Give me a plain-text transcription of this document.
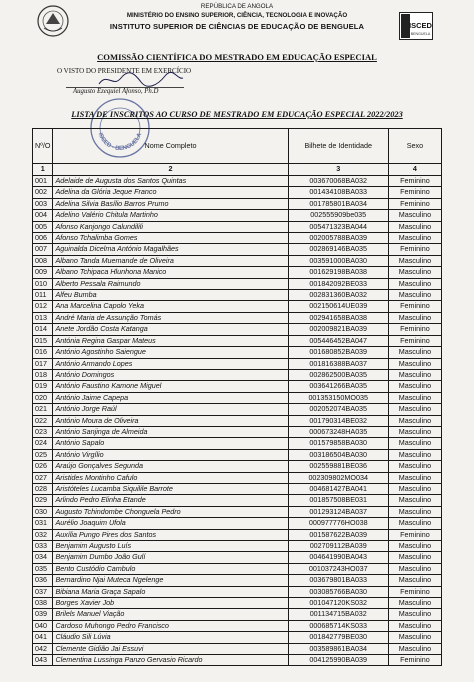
REPÚBLICA DE ANGOLA
MINISTÉRIO DO ENSINO SUPERIOR, CIÊNCIA, TECNOLOGIA E INOVAÇÃO
INSTITUTO SUPERIOR DE CIÊNCIAS DE EDUCAÇÃO DE BENGUELA	ISCED
BENGUELA
COMISSÃO CIENTÍFICA DO MESTRADO EM EDUCAÇÃO ESPECIAL
O VISTO DO PRESIDENTE EM EXERCÍCIO
Augusto Ezequiel Afonso, Ph.D
ISCED - BENGUELA
LISTA DE INSCRITOS AO CURSO DE MESTRADO EM EDUCAÇÃO ESPECIAL 2022/2023
Nº/O	Nome Completo	Bilhete de Identidade	Sexo
1	2	3	4
001	Adelaide de Augusta dos Santos Quintas	003670068BA032	Feminino
002	Adelina da Glória Jeque Franco	001434108BA033	Feminino
003	Adelina Silvia Basílio Barros Prumo	001785801BA034	Feminino
004	Adelino Valério Chitula Martinho	002555909be035	Masculino
005	Afonso Kanjongo Calundilili	005471323BA044	Masculino
006	Afonso Tchalimba Gomes	002005788BA039	Masculino
007	Aguinalda Dicelma António Magalhães	002869146BA035	Feminino
008	Albano Tanda Muemande de Oliveira	003591000BA030	Masculino
009	Albano Tchipaca Hlunhona Manico	001629198BA038	Masculino
010	Alberto Pessala Raimundo	001842092BE033	Masculino
011	Alfeu Bumba	002831360BA032	Masculino
012	Ana Marcelina Capolo Yeka	002150614UE039	Feminino
013	André Maria de Assunção Tomás	002941658BA038	Masculino
014	Anete Jordão Costa Katanga	002009821BA039	Feminino
015	Antónia Regina Gaspar Mateus	005446452BA047	Feminino
016	António Agostinho Saiengue	001680852BA039	Masculino
017	António Armando Lopes	001816388BA037	Masculino
018	António Domingos	002862500BA035	Masculino
019	António Faustino Kamone Miguel	003641266BA035	Masculino
020	António Jaime Capepa	001353150MO035	Masculino
021	António Jorge Raúl	002052074BA035	Masculino
022	António Moura de Oliveira	001790314BE032	Masculino
023	António Sanjinga de Almeida	000673248HA035	Masculino
024	António Sapalo	001579858BA030	Masculino
025	António Virgílio	003186504BA030	Masculino
026	Araújo Gonçalves Segunda	002559881BE036	Masculino
027	Aristides Montinho Cafulo	002309802MO034	Masculino
028	Aristóteles Lucamba Siquilile Barrote	004681427BA041	Masculino
029	Arlindo Pedro Elinha Etande	001857508BE031	Masculino
030	Augusto Tchindombe Chonguela Pedro	001293124BA037	Masculino
031	Aurélio Joaquim Ufola	000977776HO038	Masculino
032	Auxília Pungo Pires dos Santos	001587622BA039	Feminino
033	Benjamim Augusto Luís	002709112BA039	Masculino
034	Benjamim Dumbo João Gulí	004641990BA043	Masculino
035	Bento Custódio Cambulo	001037243HO037	Masculino
036	Bernardino Njai Muteca Ngelenge	003679801BA033	Masculino
037	Bibiana Maria Graça Sapalo	003085766BA030	Feminino
038	Borges Xavier Job	001047120KS032	Masculino
039	Brilels Manuel Viação	001134715BA032	Masculino
040	Cardoso Muhongo Pedro Francisco	000685714KS033	Masculino
041	Cláudio Sili Lúvia	001842779BE030	Masculino
042	Clemente Gidião Jai Essuvi	003589861BA034	Masculino
043	Clementina Lussinga Panzo Gervasio Ricardo	004125990BA039	Feminino
